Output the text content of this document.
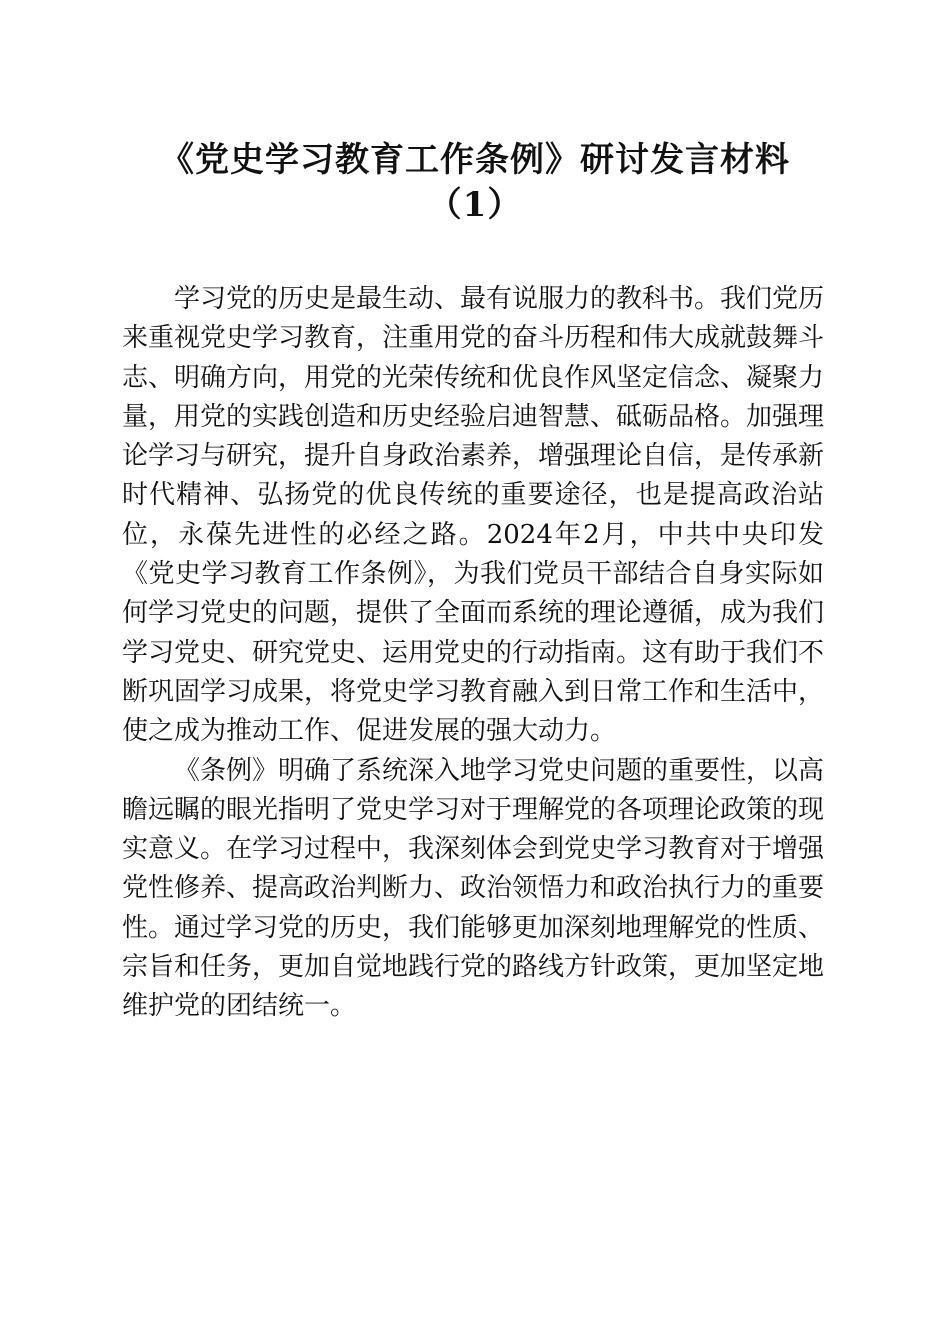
《党史学习教育工作条例》研讨发言材料
（1）

学习党的历史是最生动、最有说服力的教科书。我们党历来重视党史学习教育，注重用党的奋斗历程和伟大成就鼓舞斗志、明确方向，用党的光荣传统和优良作风坚定信念、凝聚力量，用党的实践创造和历史经验启迪智慧、砥砺品格。加强理论学习与研究，提升自身政治素养，增强理论自信，是传承新时代精神、弘扬党的优良传统的重要途径，也是提高政治站位，永葆先进性的必经之路。2024年2月，中共中央印发《党史学习教育工作条例》，为我们党员干部结合自身实际如何学习党史的问题，提供了全面而系统的理论遵循，成为我们学习党史、研究党史、运用党史的行动指南。这有助于我们不断巩固学习成果，将党史学习教育融入到日常工作和生活中，使之成为推动工作、促进发展的强大动力。

《条例》明确了系统深入地学习党史问题的重要性，以高瞻远瞩的眼光指明了党史学习对于理解党的各项理论政策的现实意义。在学习过程中，我深刻体会到党史学习教育对于增强党性修养、提高政治判断力、政治领悟力和政治执行力的重要性。通过学习党的历史，我们能够更加深刻地理解党的性质、宗旨和任务，更加自觉地践行党的路线方针政策，更加坚定地维护党的团结统一。
